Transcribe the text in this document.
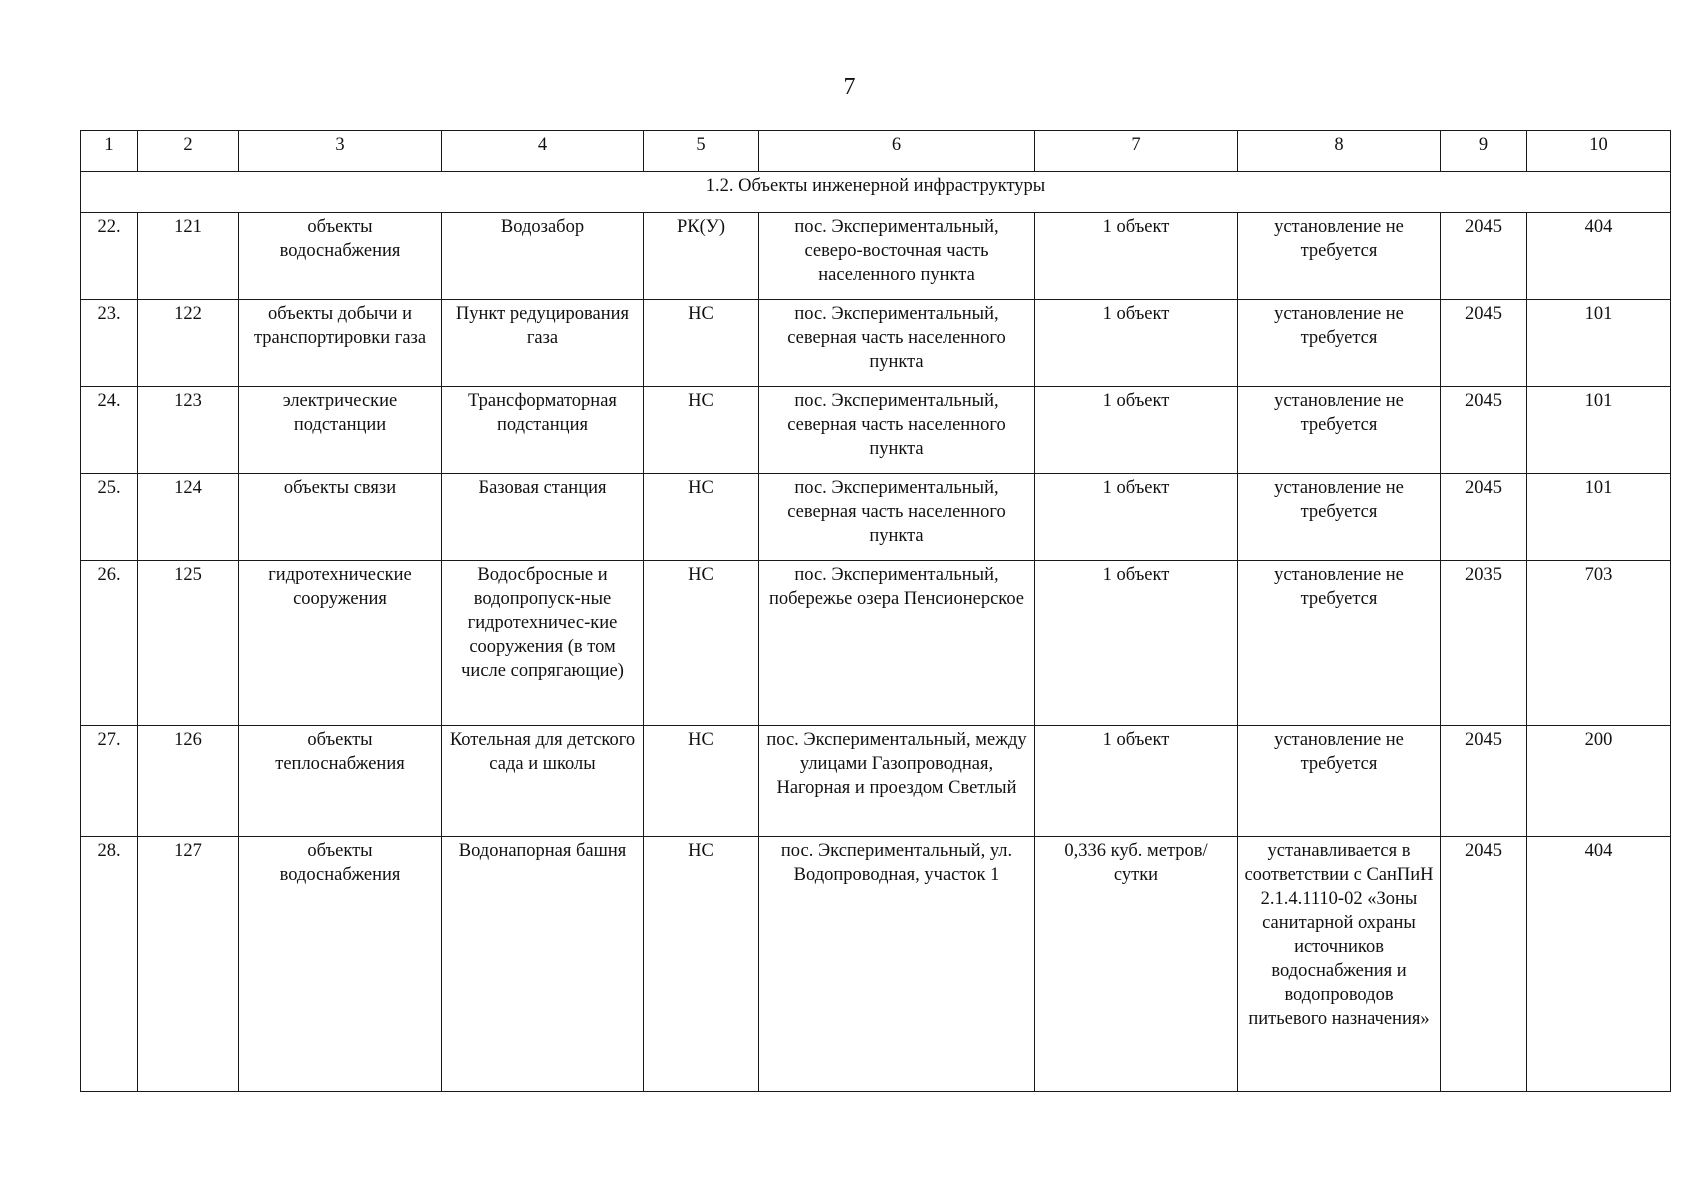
7
1	2	3	4	5	6	7	8	9	10
1.2. Объекты инженерной инфраструктуры									
22.	121	объекты водоснабжения	Водозабор	РК(У)	пос. Экспериментальный, северо-восточная часть населенного пункта	1 объект	установление не требуется	2045	404
23.	122	объекты добычи и транспортировки газа	Пункт редуцирования газа	НС	пос. Экспериментальный, северная часть населенного пункта	1 объект	установление не требуется	2045	101
24.	123	электрические подстанции	Трансформаторная подстанция	НС	пос. Экспериментальный, северная часть населенного пункта	1 объект	установление не требуется	2045	101
25.	124	объекты связи	Базовая станция	НС	пос. Экспериментальный, северная часть населенного пункта	1 объект	установление не требуется	2045	101
26.	125	гидротехнические сооружения	Водосбросные и водопропуск-ные гидротехничес-кие сооружения (в том числе сопрягающие)	НС	пос. Экспериментальный, побережье озера Пенсионерское	1 объект	установление не требуется	2035	703
27.	126	объекты теплоснабжения	Котельная для детского сада и школы	НС	пос. Экспериментальный, между улицами Газопроводная, Нагорная и проездом Светлый	1 объект	установление не требуется	2045	200
28.	127	объекты водоснабжения	Водонапорная башня	НС	пос. Экспериментальный, ул. Водопроводная, участок 1	0,336 куб. метров/ сутки	устанавливается в соответствии с СанПиН 2.1.4.1110-02 «Зоны санитарной охраны источников водоснабжения и водопроводов питьевого назначения»	2045	404
